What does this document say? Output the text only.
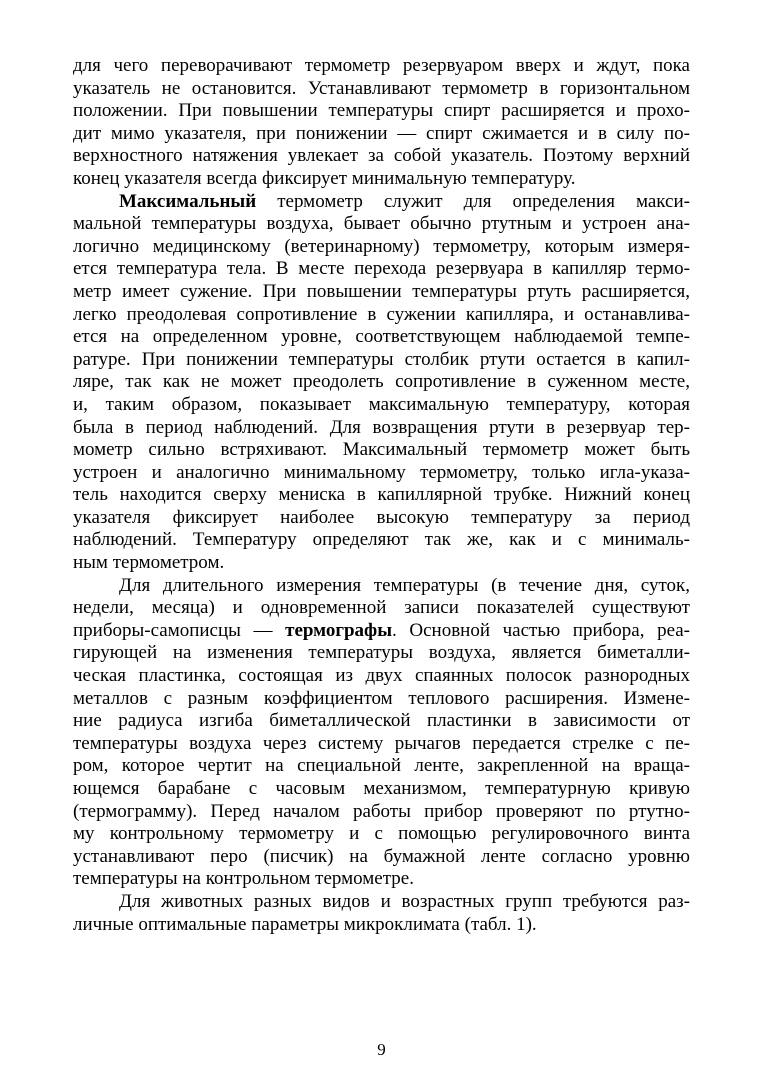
для чего переворачивают термометр резервуаром вверх и ждут, пока
указатель не остановится. Устанавливают термометр в горизонтальном
положении. При повышении температуры спирт расширяется и прохо-
дит мимо указателя, при понижении — спирт сжимается и в силу по-
верхностного натяжения увлекает за собой указатель. Поэтому верхний
конец указателя всегда фиксирует минимальную температуру.
Максимальный термометр служит для определения макси-
мальной температуры воздуха, бывает обычно ртутным и устроен ана-
логично медицинскому (ветеринарному) термометру, которым измеря-
ется температура тела. В месте перехода резервуара в капилляр термо-
метр имеет сужение. При повышении температуры ртуть расширяется,
легко преодолевая сопротивление в сужении капилляра, и останавлива-
ется на определенном уровне, соответствующем наблюдаемой темпе-
ратуре. При понижении температуры столбик ртути остается в капил-
ляре, так как не может преодолеть сопротивление в суженном месте,
и, таким образом, показывает максимальную температуру, которая
была в период наблюдений. Для возвращения ртути в резервуар тер-
мометр сильно встряхивают. Максимальный термометр может быть
устроен и аналогично минимальному термометру, только игла-указа-
тель находится сверху мениска в капиллярной трубке. Нижний конец
указателя фиксирует наиболее высокую температуру за период
наблюдений. Температуру определяют так же, как и с минималь-
ным термометром.
Для длительного измерения температуры (в течение дня, суток,
недели, месяца) и одновременной записи показателей существуют
приборы-самописцы — термографы. Основной частью прибора, реа-
гирующей на изменения температуры воздуха, является биметалли-
ческая пластинка, состоящая из двух спаянных полосок разнородных
металлов с разным коэффициентом теплового расширения. Измене-
ние радиуса изгиба биметаллической пластинки в зависимости от
температуры воздуха через систему рычагов передается стрелке с пе-
ром, которое чертит на специальной ленте, закрепленной на враща-
ющемся барабане с часовым механизмом, температурную кривую
(термограмму). Перед началом работы прибор проверяют по ртутно-
му контрольному термометру и с помощью регулировочного винта
устанавливают перо (писчик) на бумажной ленте согласно уровню
температуры на контрольном термометре.
Для животных разных видов и возрастных групп требуются раз-
личные оптимальные параметры микроклимата (табл. 1).
9
